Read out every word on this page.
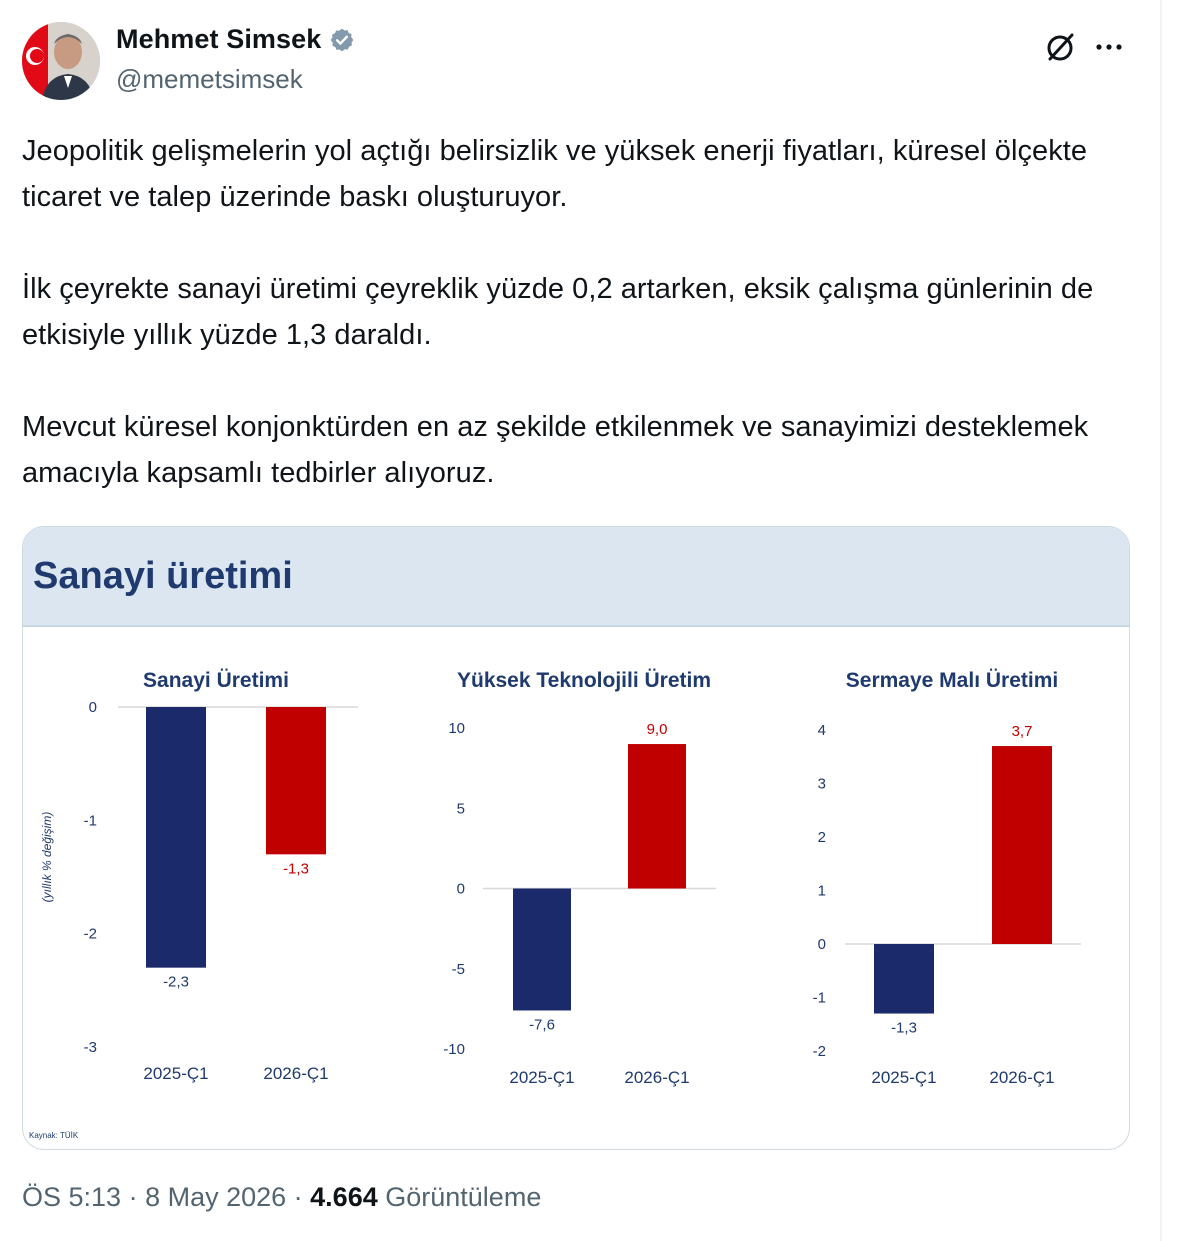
Mehmet Simsek
@memetsimsek

Jeopolitik gelişmelerin yol açtığı belirsizlik ve yüksek enerji fiyatları, küresel ölçekte ticaret ve talep üzerinde baskı oluşturuyor.

İlk çeyrekte sanayi üretimi çeyreklik yüzde 0,2 artarken, eksik çalışma günlerinin de etkisiyle yıllık yüzde 1,3 daraldı.

Mevcut küresel konjonktürden en az şekilde etkilenmek ve sanayimizi desteklemek amacıyla kapsamlı tedbirler alıyoruz.

Sanayi üretimi
Sanayi Üretimi
(yıllık % değişim)
0
-1
-2
-3
-2,3
2025-Ç1
-1,3
2026-Ç1
Yüksek Teknolojili Üretim
10
5
0
-5
-10
-7,6
2025-Ç1
9,0
2026-Ç1
Sermaye Malı Üretimi
4
3
2
1
0
-1
-2
-1,3
2025-Ç1
3,7
2026-Ç1
Kaynak: TÜİK
ÖS 5:13 · 8 May 2026 · 4.664 Görüntüleme
